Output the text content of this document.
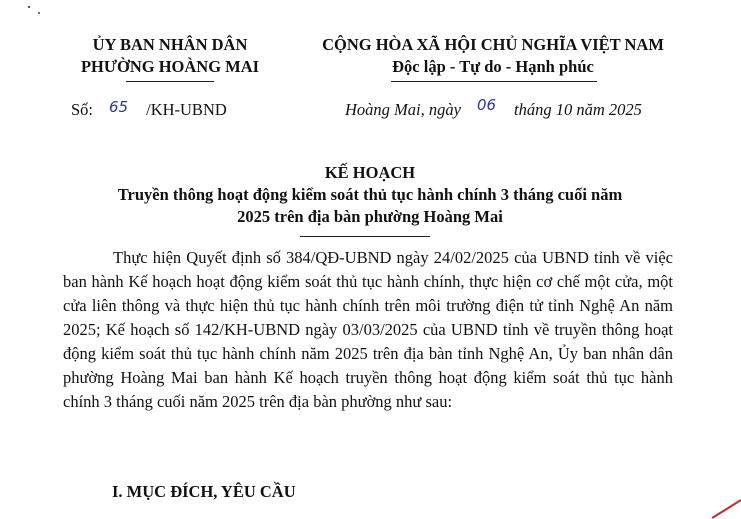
ỦY BAN NHÂN DÂN
PHƯỜNG HOÀNG MAI
CỘNG HÒA XÃ HỘI CHỦ NGHĨA VIỆT NAM
Độc lập - Tự do - Hạnh phúc
Số: 65 /KH-UBND	Hoàng Mai, ngày 06 tháng 10 năm 2025
KẾ HOẠCH
Truyền thông hoạt động kiểm soát thủ tục hành chính 3 tháng cuối năm
2025 trên địa bàn phường Hoàng Mai

Thực hiện Quyết định số 384/QĐ-UBND ngày 24/02/2025 của UBND tỉnh về việc ban hành Kế hoạch hoạt động kiểm soát thủ tục hành chính, thực hiện cơ chế một cửa, một cửa liên thông và thực hiện thủ tục hành chính trên môi trường điện tử tỉnh Nghệ An năm 2025; Kế hoạch số 142/KH-UBND ngày 03/03/2025 của UBND tỉnh về truyền thông hoạt động kiểm soát thủ tục hành chính năm 2025 trên địa bàn tỉnh Nghệ An, Ủy ban nhân dân phường Hoàng Mai ban hành Kế hoạch truyền thông hoạt động kiểm soát thủ tục hành chính 3 tháng cuối năm 2025 trên địa bàn phường như sau:

I. MỤC ĐÍCH, YÊU CẦU
